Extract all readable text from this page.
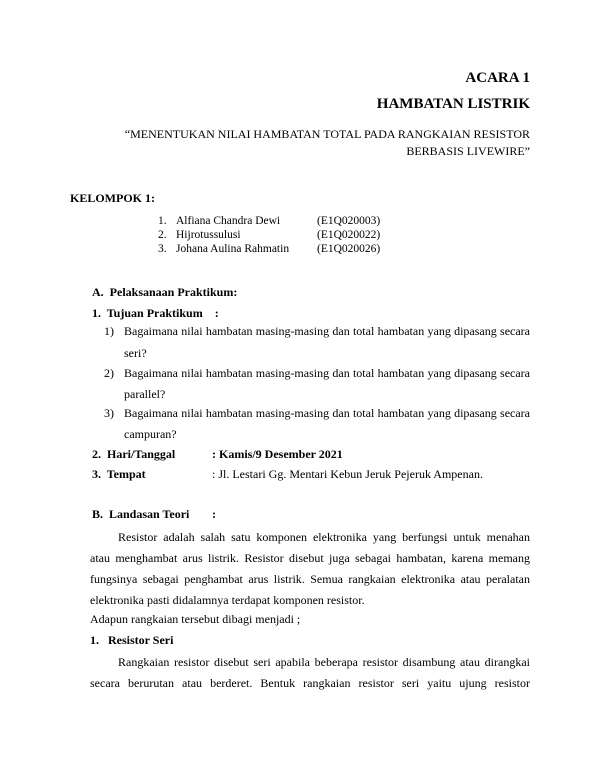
ACARA 1
HAMBATAN LISTRIK
“MENENTUKAN NILAI HAMBATAN TOTAL PADA RANGKAIAN RESISTOR
BERBASIS LIVEWIRE”
KELOMPOK 1:
1. Alfiana Chandra Dewi	(E1Q020003)
2. Hijrotussulusi	(E1Q020022)
3. Johana Aulina Rahmatin (E1Q020026)
A.  Pelaksanaan Praktikum:
1.  Tujuan Praktikum    :
1) Bagaimana nilai hambatan masing-masing dan total hambatan yang dipasang secara
seri?
2) Bagaimana nilai hambatan masing-masing dan total hambatan yang dipasang secara
parallel?
3) Bagaimana nilai hambatan masing-masing dan total hambatan yang dipasang secara
campuran?
2.  Hari/Tanggal	: Kamis/9 Desember 2021
3.  Tempat	: Jl. Lestari Gg. Mentari Kebun Jeruk Pejeruk Ampenan.
B.  Landasan Teori :
Resistor adalah salah satu komponen elektronika yang berfungsi untuk menahan
atau menghambat arus listrik. Resistor disebut juga sebagai hambatan, karena memang
fungsinya sebagai penghambat arus listrik. Semua rangkaian elektronika atau peralatan
elektronika pasti didalamnya terdapat komponen resistor.
Adapun rangkaian tersebut dibagi menjadi ;
1.   Resistor Seri
Rangkaian resistor disebut seri apabila beberapa resistor disambung atau dirangkai
secara berurutan atau berderet. Bentuk rangkaian resistor seri yaitu ujung resistor
